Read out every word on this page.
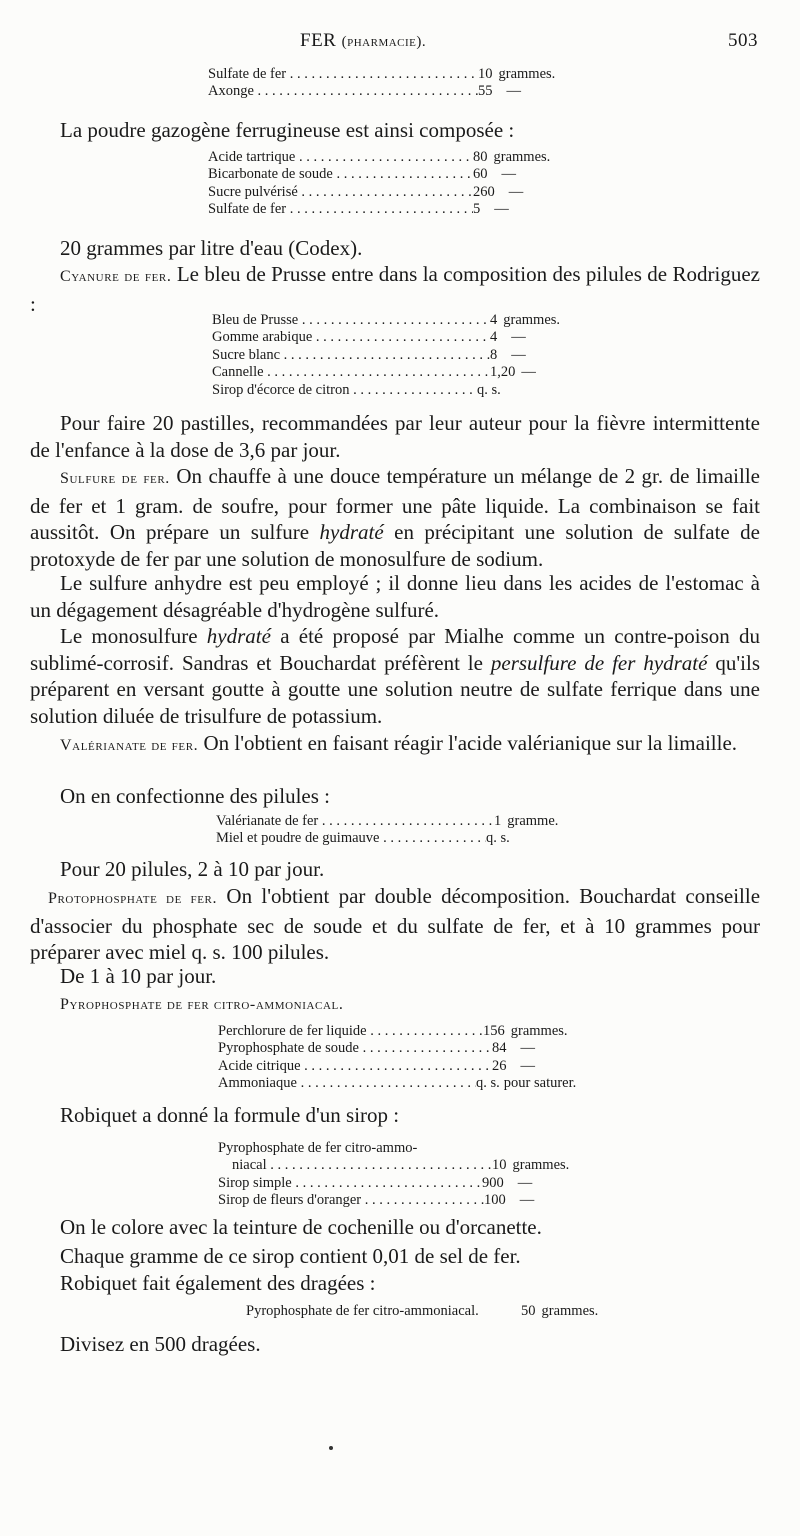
FER (pharmacie).	503
Sulfate de fer . . .	10 grammes.
Axonge . . .	55 —
La poudre gazogène ferrugineuse est ainsi composée :
Acide tartrique . . .	80 grammes.
Bicarbonate de soude . . .	60 —
Sucre pulvérisé . . .	260 —
Sulfate de fer . . .	5 —
20 grammes par litre d'eau (Codex).
Cyanure de fer. Le bleu de Prusse entre dans la composition des pilules de Rodriguez :
Bleu de Prusse . . .	4 grammes.
Gomme arabique . . .	4 —
Sucre blanc . . .	8 —
Cannelle . . .	1,20 —
Sirop d'écorce de citron . . .	q. s.
Pour faire 20 pastilles, recommandées par leur auteur pour la fièvre intermittente de l'enfance à la dose de 3,6 par jour.
Sulfure de fer. On chauffe à une douce température un mélange de 2 gr. de limaille de fer et 1 gram. de soufre, pour former une pâte liquide. La combinaison se fait aussitôt. On prépare un sulfure hydraté en précipitant une solution de sulfate de protoxyde de fer par une solution de monosulfure de sodium.
Le sulfure anhydre est peu employé ; il donne lieu dans les acides de l'estomac à un dégagement désagréable d'hydrogène sulfuré.
Le monosulfure hydraté a été proposé par Mialhe comme un contre-poison du sublimé-corrosif. Sandras et Bouchardat préfèrent le persulfure de fer hydraté qu'ils préparent en versant goutte à goutte une solution neutre de sulfate ferrique dans une solution diluée de trisulfure de potassium.
Valérianate de fer. On l'obtient en faisant réagir l'acide valérianique sur la limaille.
On en confectionne des pilules :
Valérianate de fer . . .	1 gramme.
Miel et poudre de guimauve . . .	q. s.
Pour 20 pilules, 2 à 10 par jour.
Protophosphate de fer. On l'obtient par double décomposition. Bouchardat conseille d'associer du phosphate sec de soude et du sulfate de fer, et à 10 grammes pour préparer avec miel q. s. 100 pilules.
De 1 à 10 par jour.
Pyrophosphate de fer citro-ammoniacal.
Perchlorure de fer liquide . . .	156 grammes.
Pyrophosphate de soude . . .	84 —
Acide citrique . . .	26 —
Ammoniaque . . .	q. s. pour saturer.
Robiquet a donné la formule d'un sirop :
Pyrophosphate de fer citro-ammo-
niacal . . .	10 grammes.
Sirop simple . . .	900 —
Sirop de fleurs d'oranger . . .	100 —
On le colore avec la teinture de cochenille ou d'orcanette.
Chaque gramme de ce sirop contient 0,01 de sel de fer.
Robiquet fait également des dragées :
Pyrophosphate de fer citro-ammoniacal.	50 grammes.
Divisez en 500 dragées.
